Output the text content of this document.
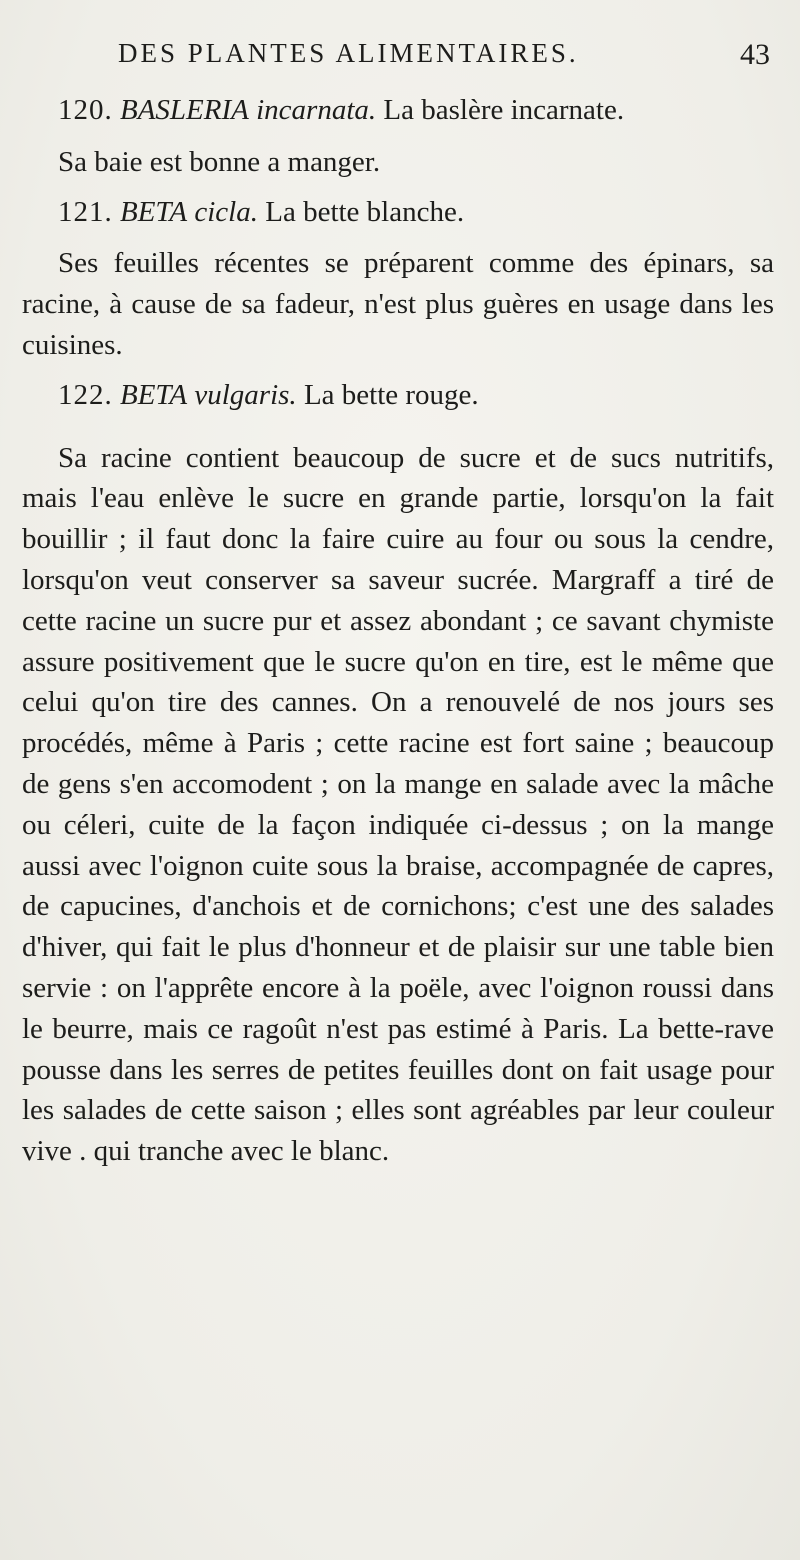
DES PLANTES ALIMENTAIRES.	43

120. BASLERIA incarnata. La baslère incarnate.

Sa baie est bonne a manger.

121. BETA cicla. La bette blanche.

Ses feuilles récentes se préparent comme des épinars, sa racine, à cause de sa fadeur, n'est plus guères en usage dans les cuisines.

122. BETA vulgaris. La bette rouge.

Sa racine contient beaucoup de sucre et de sucs nutritifs, mais l'eau enlève le sucre en grande partie, lorsqu'on la fait bouillir ; il faut donc la faire cuire au four ou sous la cendre, lorsqu'on veut conserver sa saveur sucrée. Margraff a tiré de cette racine un sucre pur et assez abondant ; ce savant chymiste assure positivement que le sucre qu'on en tire, est le même que celui qu'on tire des cannes. On a renouvelé de nos jours ses procédés, même à Paris ; cette racine est fort saine ; beaucoup de gens s'en accomodent ; on la mange en salade avec la mâche ou céleri, cuite de la façon indiquée ci-dessus ; on la mange aussi avec l'oignon cuite sous la braise, accompagnée de capres, de capucines, d'anchois et de cornichons; c'est une des salades d'hiver, qui fait le plus d'honneur et de plaisir sur une table bien servie : on l'apprête encore à la poële, avec l'oignon roussi dans le beurre, mais ce ragoût n'est pas estimé à Paris. La bette-rave pousse dans les serres de petites feuilles dont on fait usage pour les salades de cette saison ; elles sont agréables par leur couleur vive . qui tranche avec le blanc.
